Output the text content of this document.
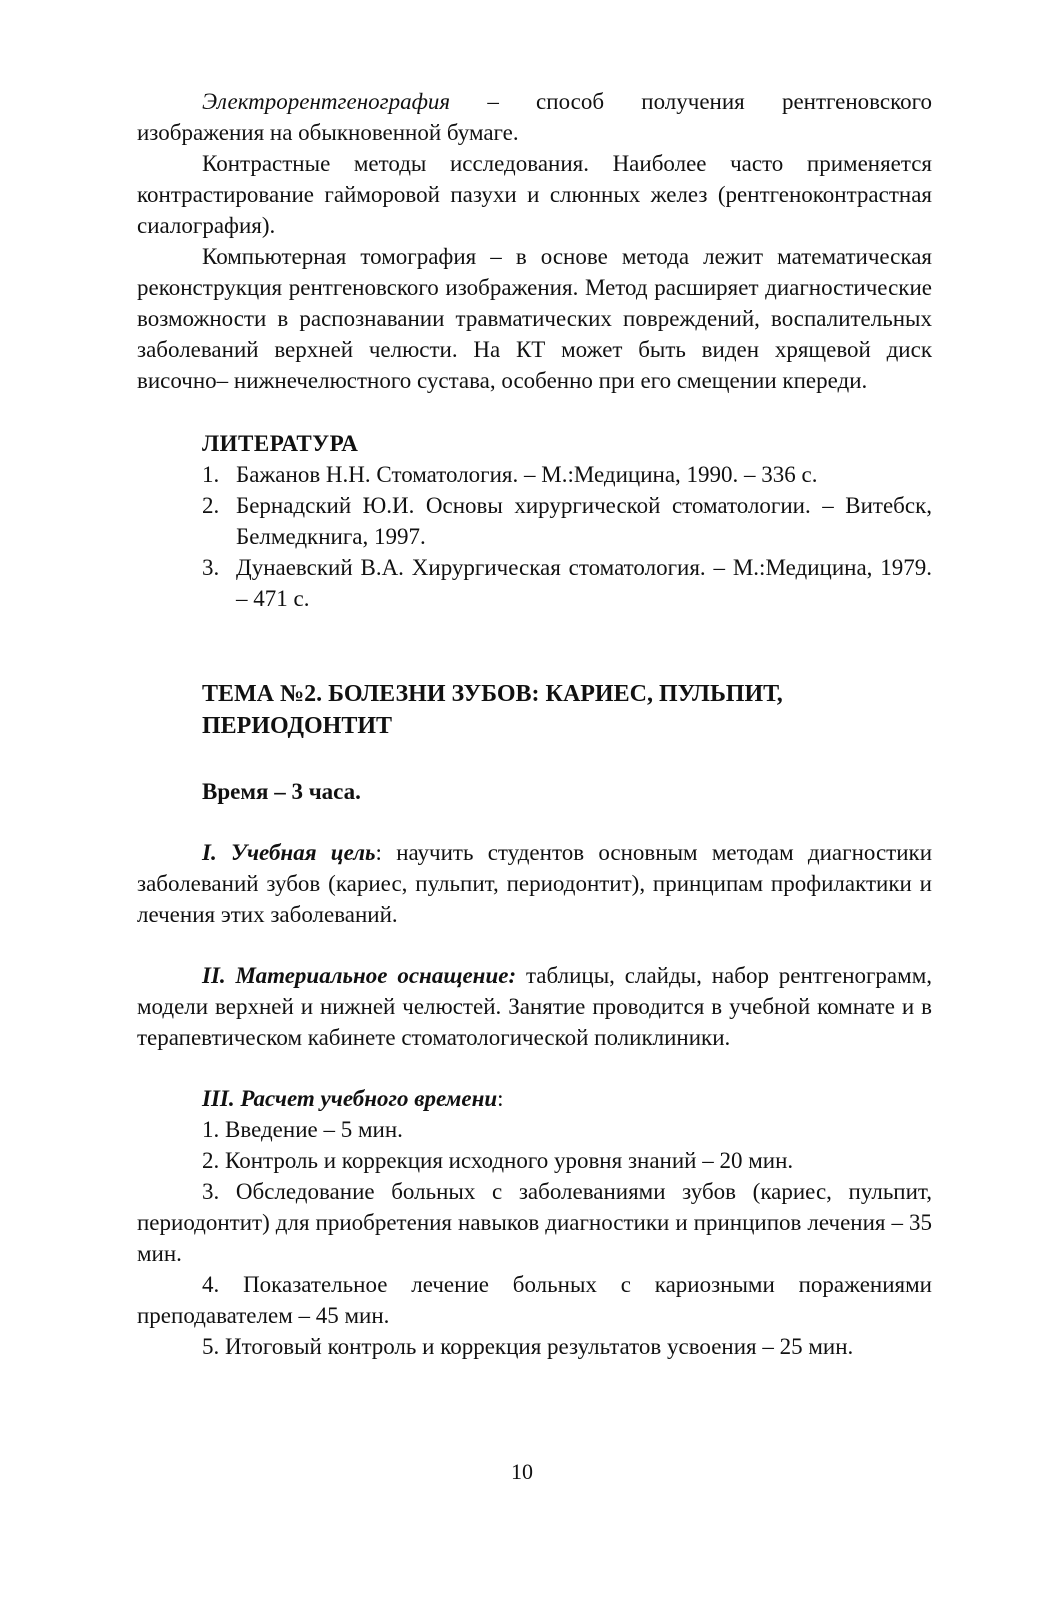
Электрорентгенография – способ получения рентгеновского изображения на обыкновенной бумаге.

Контрастные методы исследования. Наиболее часто применяется контрастирование гайморовой пазухи и слюнных желез (рентгеноконтрастная сиалография).

Компьютерная томография – в основе метода лежит математическая реконструкция рентгеновского изображения. Метод расширяет диагностические возможности в распознавании травматических повреждений, воспалительных заболеваний верхней челюсти. На КТ может быть виден хрящевой диск височно– нижнечелюстного сустава, особенно при его смещении кпереди.

ЛИТЕРАТУРА
1. Бажанов Н.Н. Стоматология. – М.:Медицина, 1990. – 336 с.
2. Бернадский Ю.И. Основы хирургической стоматологии. – Витебск, Белмедкнига, 1997.
3. Дунаевский В.А. Хирургическая стоматология. – М.:Медицина, 1979. – 471 с.
ТЕМА №2. БОЛЕЗНИ ЗУБОВ: КАРИЕС, ПУЛЬПИТ, ПЕРИОДОНТИТ
Время – 3 часа.

I. Учебная цель: научить студентов основным методам диагностики заболеваний зубов (кариес, пульпит, периодонтит), принципам профилактики и лечения этих заболеваний.

II. Материальное оснащение: таблицы, слайды, набор рентгенограмм, модели верхней и нижней челюстей. Занятие проводится в учебной комнате и в терапевтическом кабинете стоматологической поликлиники.

III. Расчет учебного времени:

1. Введение – 5 мин.

2. Контроль и коррекция исходного уровня знаний – 20 мин.

3. Обследование больных с заболеваниями зубов (кариес, пульпит, периодонтит) для приобретения навыков диагностики и принципов лечения – 35 мин.

4. Показательное лечение больных с кариозными поражениями преподавателем – 45 мин.

5. Итоговый контроль и коррекция результатов усвоения – 25 мин.

10
